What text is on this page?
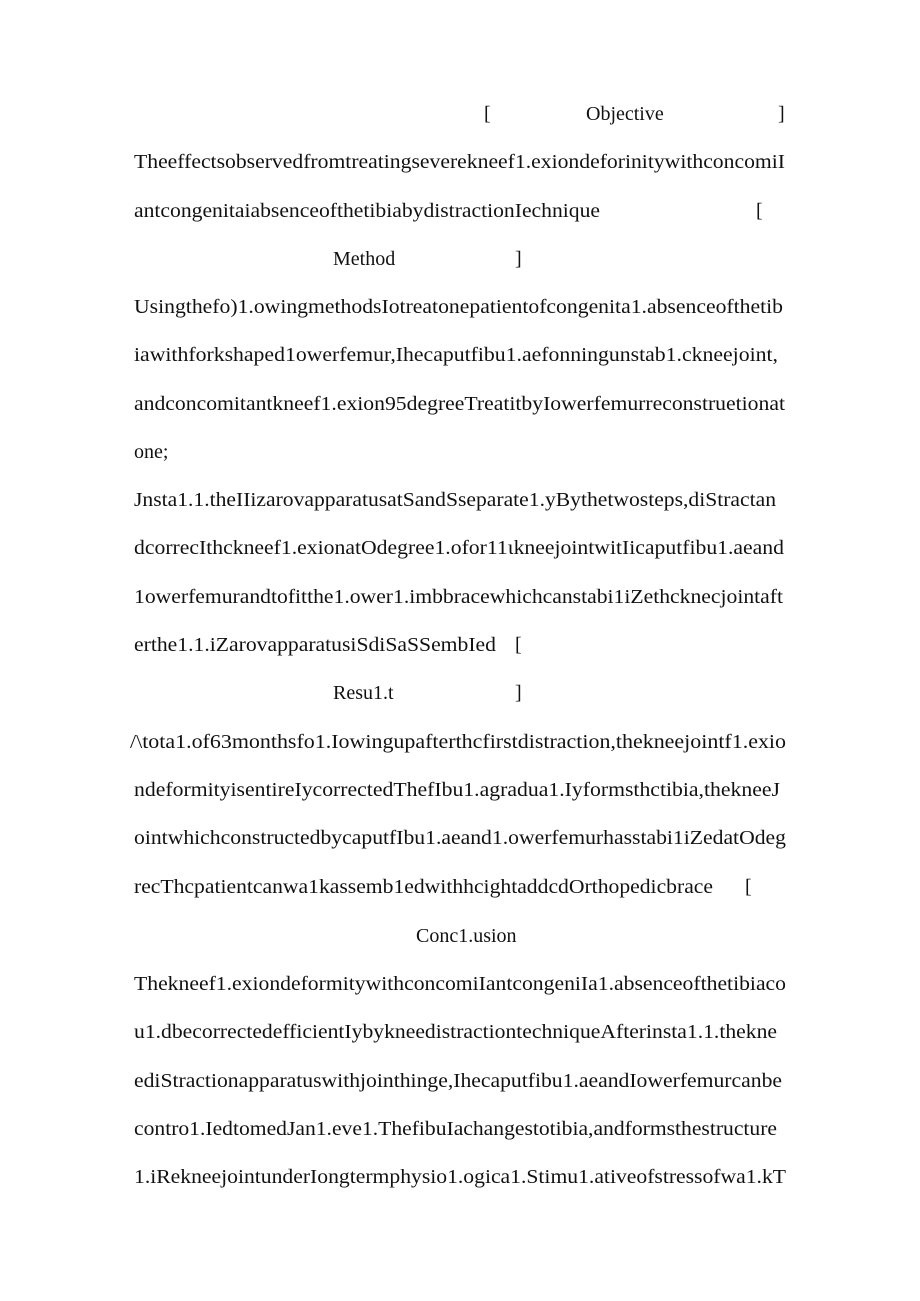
[	Objective	]
Theeffectsobservedfromtreatingseverekneef1.exiondeforinitywithconcomiI
antcongenitaiabsenceofthetibiabydistractionIechnique	[
Method	]
Usingthefo)1.owingmethodsIotreatonepatientofcongenita1.absenceofthetib
iawithforkshaped1owerfemur,Ihecaputfibu1.aefonningunstab1.ckneejoint,
andconcomitantkneef1.exion95degreeTreatitbyIowerfemurreconstruetionat
one;
Jnsta1.1.theIIizarovapparatusatSandSseparate1.yBythetwosteps,diStractan
dcorrecIthckneef1.exionatOdegree1.ofor11ιkneejointwitIicaputfibu1.aeand
1owerfemurandtofitthe1.ower1.imbbracewhichcanstabi1iZethcknecjointaft
erthe1.1.iZarovapparatusiSdiSaSSembIed [
Resu1.t	]
/\tota1.of63monthsfo1.Iowingupafterthcfirstdistraction,thekneejointf1.exio
ndeformityisentireIycorrectedThefIbu1.agradua1.Iyformsthctibia,thekneeJ
ointwhichconstructedbycaputfIbu1.aeand1.owerfemurhasstabi1iZedatOdeg
recThcpatientcanwa1kassemb1edwithhcightaddcdOrthopedicbrace [
Conc1.usion
Thekneef1.exiondeformitywithconcomiIantcongeniIa1.absenceofthetibiaco
u1.dbecorrectedefficientIybykneedistractiontechniqueAfterinsta1.1.thekne
ediStractionapparatuswithjointhinge,Ihecaputfibu1.aeandIowerfemurcanbe
contro1.IedtomedJan1.eve1.ThefibuIachangestotibia,andformsthestructure
1.iRekneejointunderIongtermphysio1.ogica1.Stimu1.ativeofstressofwa1.kT
